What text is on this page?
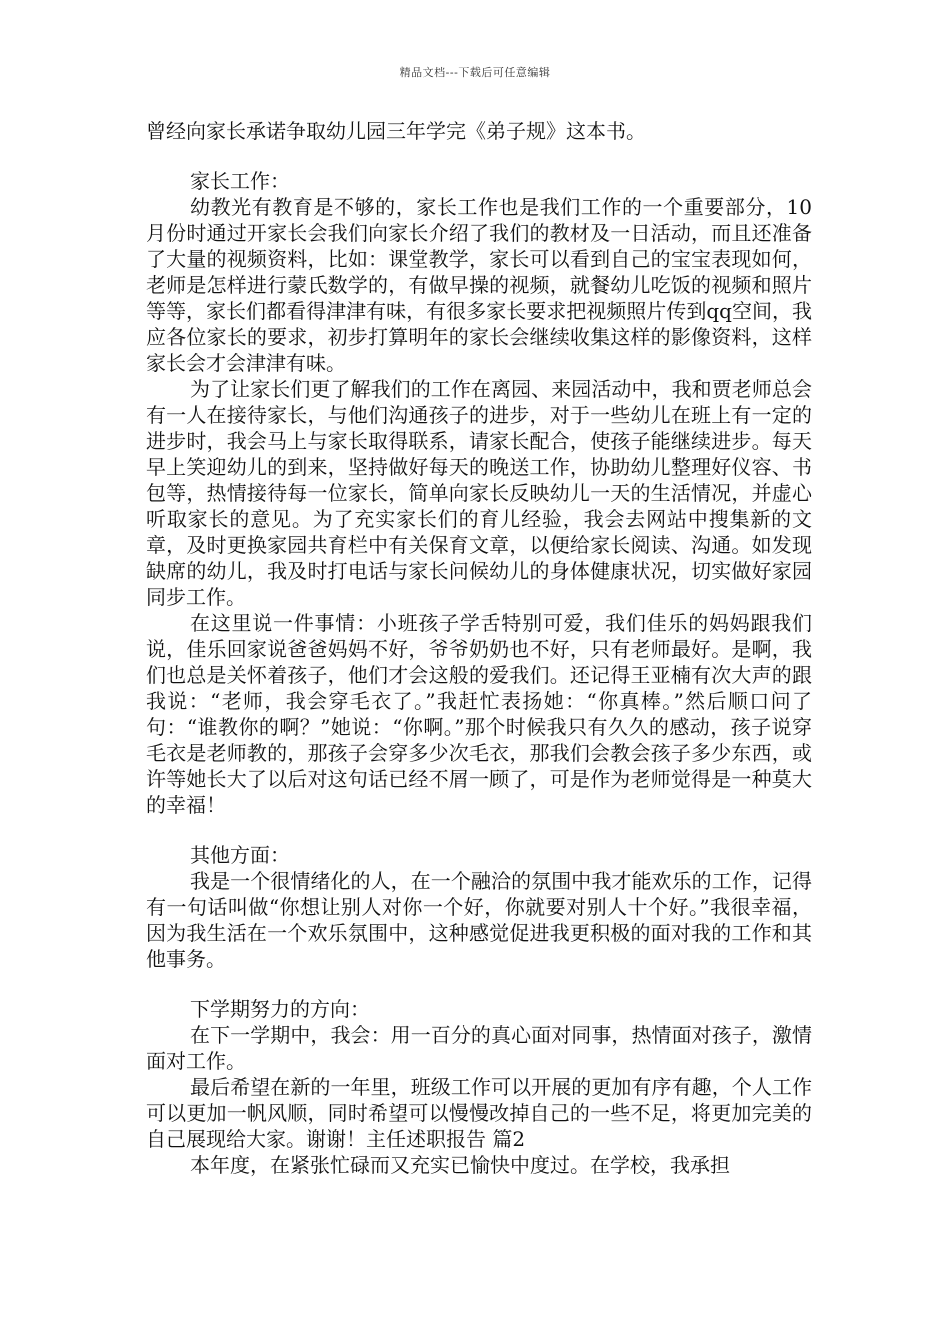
精品文档---下载后可任意编辑

曾经向家长承诺争取幼儿园三年学完《弟子规》这本书。

家长工作：

幼教光有教育是不够的，家长工作也是我们工作的一个重要部分，10月份时通过开家长会我们向家长介绍了我们的教材及一日活动，而且还准备了大量的视频资料，比如：课堂教学，家长可以看到自己的宝宝表现如何，老师是怎样进行蒙氏数学的，有做早操的视频，就餐幼儿吃饭的视频和照片等等，家长们都看得津津有味，有很多家长要求把视频照片传到qq空间，我应各位家长的要求，初步打算明年的家长会继续收集这样的影像资料，这样家长会才会津津有味。

为了让家长们更了解我们的工作在离园、来园活动中，我和贾老师总会有一人在接待家长，与他们沟通孩子的进步，对于一些幼儿在班上有一定的进步时，我会马上与家长取得联系，请家长配合，使孩子能继续进步。每天早上笑迎幼儿的到来，坚持做好每天的晚送工作，协助幼儿整理好仪容、书包等，热情接待每一位家长，简单向家长反映幼儿一天的生活情况，并虚心听取家长的意见。为了充实家长们的育儿经验，我会去网站中搜集新的文章，及时更换家园共育栏中有关保育文章，以便给家长阅读、沟通。如发现缺席的幼儿，我及时打电话与家长问候幼儿的身体健康状况，切实做好家园同步工作。

在这里说一件事情：小班孩子学舌特别可爱，我们佳乐的妈妈跟我们说，佳乐回家说爸爸妈妈不好，爷爷奶奶也不好，只有老师最好。是啊，我们也总是关怀着孩子，他们才会这般的爱我们。还记得王亚楠有次大声的跟我说：“老师，我会穿毛衣了。”我赶忙表扬她：“你真棒。”然后顺口问了句：“谁教你的啊？”她说：“你啊。”那个时候我只有久久的感动，孩子说穿毛衣是老师教的，那孩子会穿多少次毛衣，那我们会教会孩子多少东西，或许等她长大了以后对这句话已经不屑一顾了，可是作为老师觉得是一种莫大的幸福！

其他方面：

我是一个很情绪化的人，在一个融洽的氛围中我才能欢乐的工作，记得有一句话叫做“你想让别人对你一个好，你就要对别人十个好。”我很幸福，因为我生活在一个欢乐氛围中，这种感觉促进我更积极的面对我的工作和其他事务。

下学期努力的方向：

在下一学期中，我会：用一百分的真心面对同事，热情面对孩子，激情面对工作。

最后希望在新的一年里，班级工作可以开展的更加有序有趣，个人工作可以更加一帆风顺，同时希望可以慢慢改掉自己的一些不足，将更加完美的自己展现给大家。谢谢！主任述职报告 篇2

本年度，在紧张忙碌而又充实已愉快中度过。在学校，我承担
